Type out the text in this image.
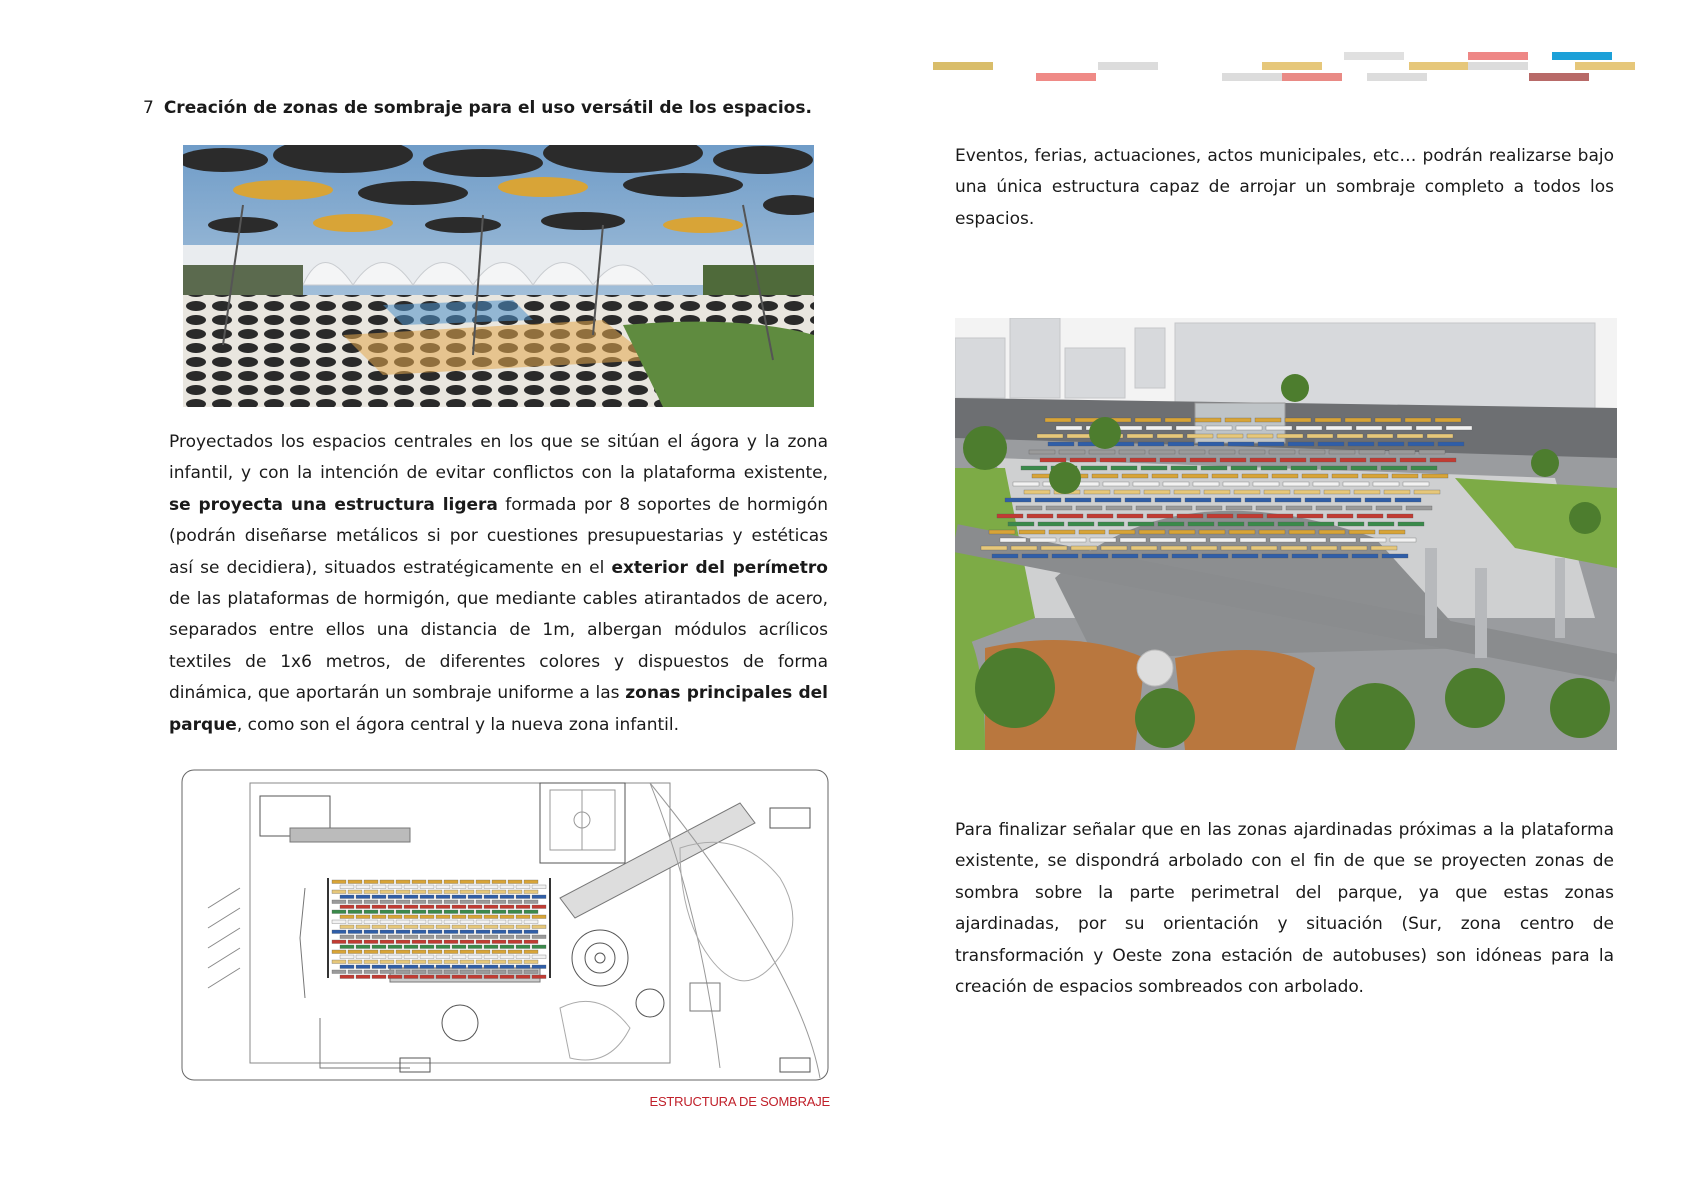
7 Creación de zonas de sombraje para el uso versátil de los espacios.
Proyectados los espacios centrales en los que se sitúan el ágora y la zona infantil, y con la intención de evitar conflictos con la plataforma existente, se proyecta una estructura ligera formada por 8 soportes de hormigón (podrán diseñarse metálicos si por cuestiones presupuestarias y estéticas así se decidiera), situados estratégicamente en el exterior del perímetro de las plataformas de hormigón, que mediante cables atirantados de acero, separados entre ellos una distancia de 1m, albergan módulos acrílicos textiles de 1x6 metros, de diferentes colores y dispuestos de forma dinámica, que aportarán un sombraje uniforme a las zonas principales del parque, como son el ágora central y la nueva zona infantil.
ESTRUCTURA DE SOMBRAJE
Eventos, ferias, actuaciones, actos municipales, etc… podrán realizarse bajo una única estructura capaz de arrojar un sombraje completo a todos los espacios.
Para finalizar señalar que en las zonas ajardinadas próximas a la plataforma existente, se dispondrá arbolado con el fin de que se proyecten zonas de sombra sobre la parte perimetral del parque, ya que estas zonas ajardinadas, por su orientación y situación (Sur, zona centro de transformación y Oeste zona estación de autobuses) son idóneas para la creación de espacios sombreados con arbolado.
